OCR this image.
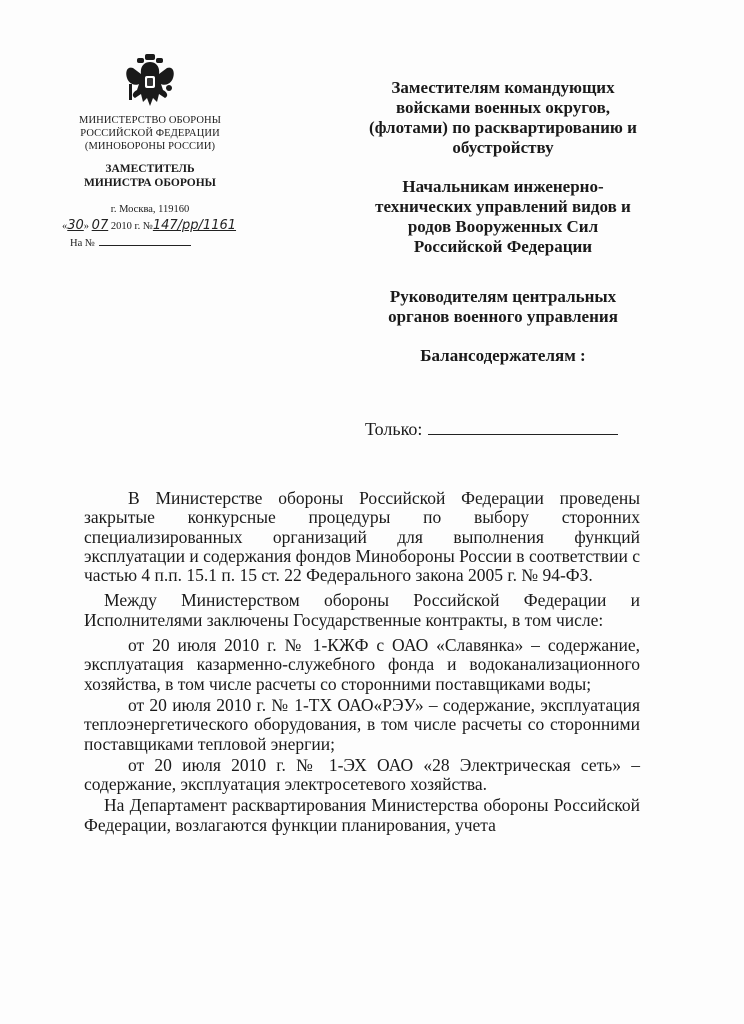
МИНИСТЕРСТВО ОБОРОНЫ
РОССИЙСКОЙ ФЕДЕРАЦИИ
(МИНОБОРОНЫ РОССИИ)
ЗАМЕСТИТЕЛЬ
МИНИСТРА ОБОРОНЫ
г. Москва, 119160
«30» 07 2010 г. №147/рр/1161
На №

Заместителям командующих
войсками военных округов,
(флотами) по расквартированию и
обустройству

Начальникам инженерно-
технических управлений видов и
родов Вооруженных Сил
Российской Федерации

Руководителям центральных
органов военного управления

Балансодержателям :

Только:

В Министерстве обороны Российской Федерации проведены закрытые конкурсные процедуры по выбору сторонних специализированных организаций для выполнения функций эксплуатации и содержания фондов Минобороны России в соответствии с частью 4 п.п. 15.1 п. 15 ст. 22 Федерального закона 2005 г. № 94-ФЗ.

Между Министерством обороны Российской Федерации и Исполнителями заключены Государственные контракты, в том числе:

от 20 июля 2010 г. № 1-КЖФ с ОАО «Славянка» – содержание, эксплуатация казарменно-служебного фонда и водоканализационного хозяйства, в том числе расчеты со сторонними поставщиками воды;

от 20 июля 2010 г. № 1-ТХ ОАО«РЭУ» – содержание, эксплуатация теплоэнергетического оборудования, в том числе расчеты со сторонними поставщиками тепловой энергии;

от 20 июля 2010 г. № 1-ЭХ ОАО «28 Электрическая сеть» – содержание, эксплуатация электросетевого хозяйства.

На Департамент расквартирования Министерства обороны Российской Федерации, возлагаются функции планирования, учета
